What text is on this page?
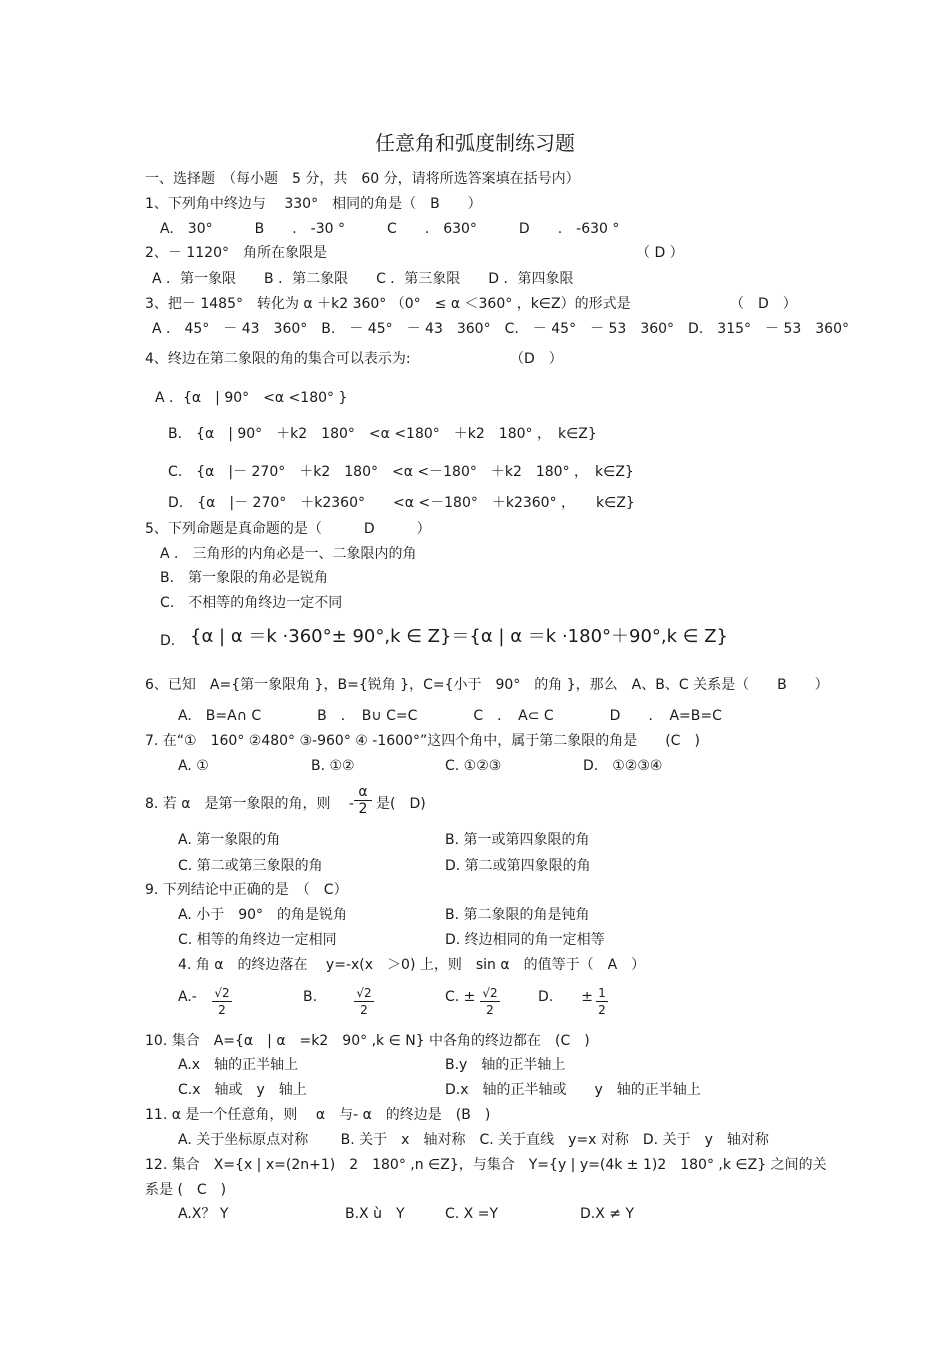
任意角和弧度制练习题
一、选择题　（每小题　5 分，共　60 分，请将所选答案填在括号内）
1、下列角中终边与　 330°　相同的角是（　B　　）
A.　30°　　　B　　.　-30 °　　　C　　.　630°　　　D　　.　-630 °
2、－ 1120°　角所在象限是	（ D ）
A ．第一象限　　B ．第二象限　　C ．第三象限　　D ．第四象限
3、把－ 1485°　转化为 α ＋k2 360° （0°　≤ α ＜360° ，k∈Z）的形式是	（　D　）
A ． 45°　－ 43　360°　B.　－ 45°　－ 43　360°　C.　－ 45°　－ 53　360°　D.　315°　－ 53　360°
4、终边在第二象限的角的集合可以表示为:	（D　）
A ．{α　| 90°　<α <180° }
B.　{α　| 90°　＋k2　180°　<α <180°　＋k2　180° ，　k∈Z}
C.　{α　|－ 270°　＋k2　180°　<α <－180°　＋k2　180° ，　k∈Z}
D.　{α　|－ 270°　＋k2360°　　<α <－180°　＋k2360° ，　　k∈Z}
5、下列命题是真命题的是（　　　D　　　）
A ． 三角形的内角必是一、二象限内的角
B.　第一象限的角必是锐角
C.　不相等的角终边一定不同
D. {α | α ＝k ·360°± 90°,k ∈ Z}＝{α | α ＝k ·180°＋90°,k ∈ Z}
6、已知　A={第一象限角 }，B={锐角 }，C={小于　90°　的角 }，那么　A、B、C 关系是（　　B　　）
A.　B=A∩ C　　　　B　．　B∪ C=C　　　　C　．　A⊂ C　　　　D　　．　A=B=C
7. 在“①　160° ②480° ③-960° ④ -1600°”这四个角中，属于第二象限的角是　　(C　)
A. ①	B. ①②	C. ①②③	D.　①②③④
8. 若 α　是第一象限的角，则　 - $\frac{\alpha}{2}$ 是(　D)
A. 第一象限的角	B. 第一或第四象限的角
C. 第二或第三象限的角	D. 第二或第四象限的角
9. 下列结论中正确的是　（　C）
A. 小于　90°　的角是锐角	B. 第二象限的角是钝角
C. 相等的角终边一定相同	D. 终边相同的角一定相等
4. 角 α　的终边落在　 y=-x(x　＞0) 上，则　sin α　的值等于（　A　）
$A.- \frac{√2}{2}$	B.	$\frac{√2}{2}$	C. ± $\frac{√2}{2}$	D.　　± $\frac{1}{2}$
10. 集合　A={α　| α　=k2　90° ,k ∈ N} 中各角的终边都在　(C　)
A.x　轴的正半轴上	B.y　轴的正半轴上
C.x　轴或　y　轴上	D.x　轴的正半轴或　　y　轴的正半轴上
11. α 是一个任意角，则　 α　与- α　的终边是　(B　)
A. 关于坐标原点对称　　 B. 关于　x　轴对称　C. 关于直线　y=x 对称　D. 关于　y　轴对称
12. 集合　X={x | x=(2n+1)　2　180° ,n ∈Z}，与集合　Y={y | y=(4k ± 1)2　180° ,k ∈Z} 之间的关
系是 (　C　)
A.X？ Y	B.X ù　Y	C. X =Y	D.X ≠ Y
